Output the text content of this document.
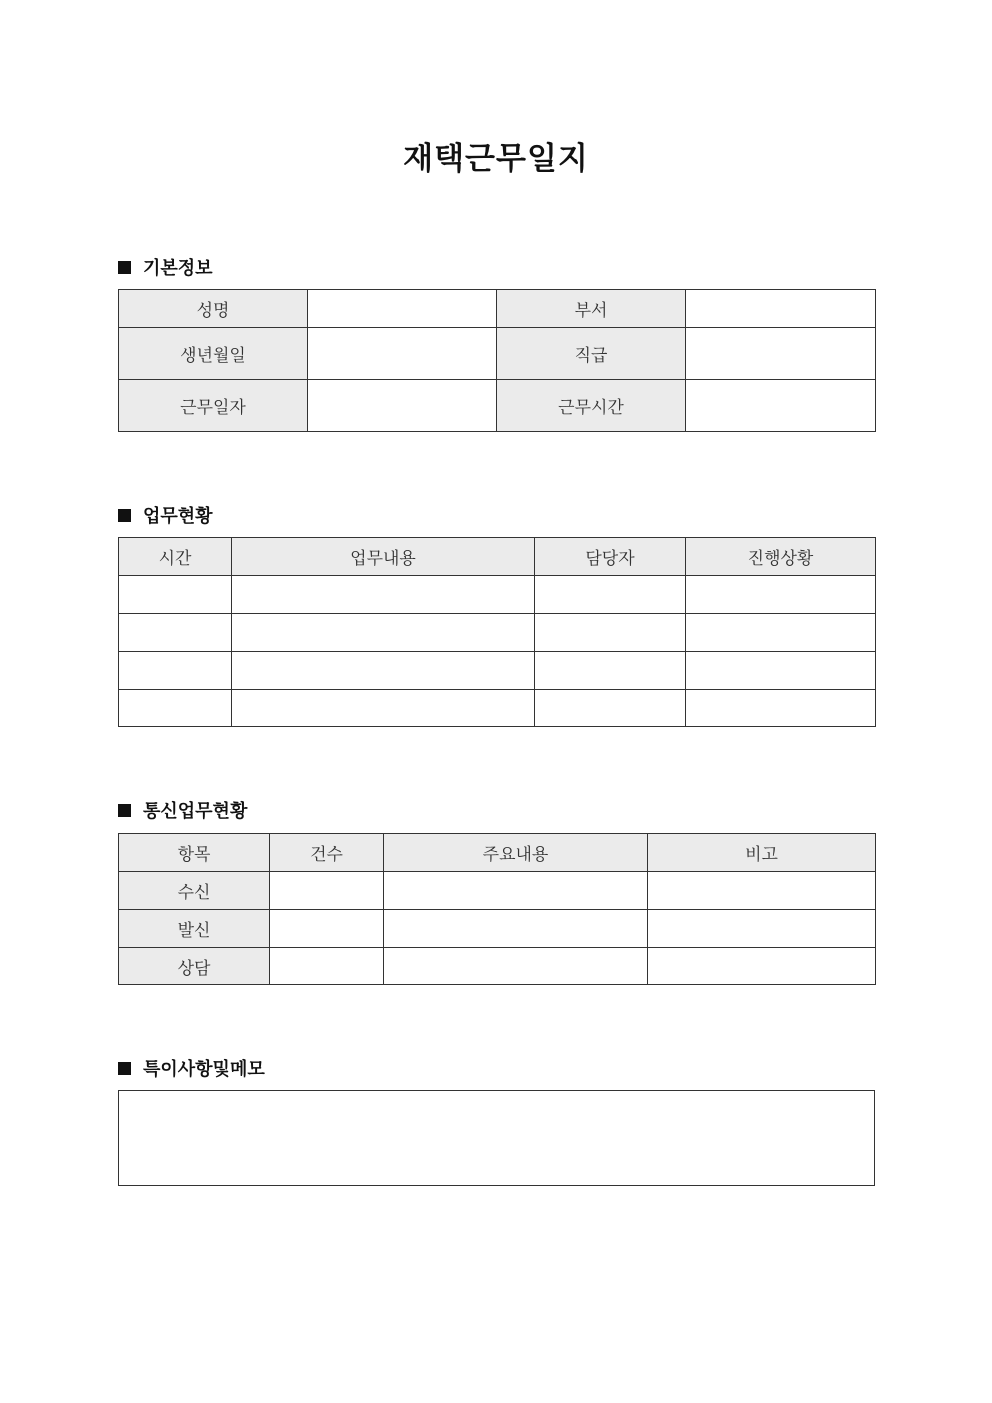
재택근무일지
기본정보
성명		부서	
생년월일		직급	
근무일자		근무시간	
업무현황
시간	업무내용	담당자	진행상황

통신업무현황
항목	건수	주요내용	비고
수신			
발신			
상담			
특이사항및메모
